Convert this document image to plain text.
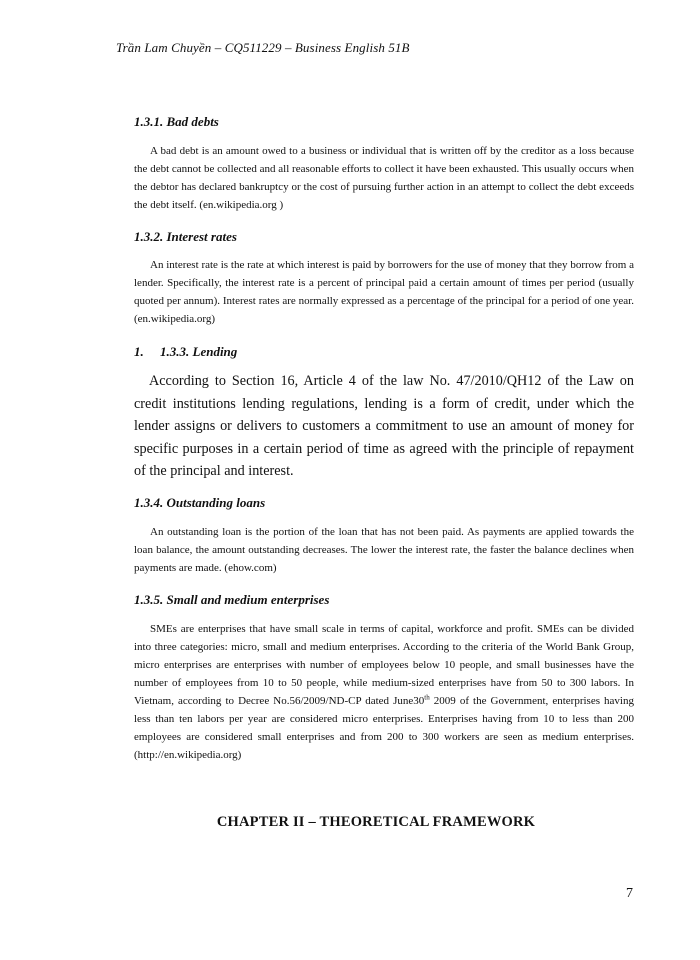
Trần Lam Chuyền – CQ511229 – Business English 51B
1.3.1. Bad debts
A bad debt is an amount owed to a business or individual that is written off by the creditor as a loss because the debt cannot be collected and all reasonable efforts to collect it have been exhausted. This usually occurs when the debtor has declared bankruptcy or the cost of pursuing further action in an attempt to collect the debt exceeds the debt itself. (en.wikipedia.org )
1.3.2. Interest rates
An interest rate is the rate at which interest is paid by borrowers for the use of money that they borrow from a lender. Specifically, the interest rate is a percent of principal paid a certain amount of times per period (usually quoted per annum). Interest rates are normally expressed as a percentage of the principal for a period of one year. (en.wikipedia.org)
1. 1.3.3. Lending
According to Section 16, Article 4 of the law No. 47/2010/QH12 of the Law on credit institutions lending regulations, lending is a form of credit, under which the lender assigns or delivers to customers a commitment to use an amount of money for specific purposes in a certain period of time as agreed with the principle of repayment of the principal and interest.
1.3.4. Outstanding loans
An outstanding loan is the portion of the loan that has not been paid. As payments are applied towards the loan balance, the amount outstanding decreases. The lower the interest rate, the faster the balance declines when payments are made. (ehow.com)
1.3.5. Small and medium enterprises
SMEs are enterprises that have small scale in terms of capital, workforce and profit. SMEs can be divided into three categories: micro, small and medium enterprises. According to the criteria of the World Bank Group, micro enterprises are enterprises with number of employees below 10 people, and small businesses have the number of employees from 10 to 50 people, while medium-sized enterprises have from 50 to 300 labors. In Vietnam, according to Decree No.56/2009/ND-CP dated June30th 2009 of the Government, enterprises having less than ten labors per year are considered micro enterprises. Enterprises having from 10 to less than 200 employees are considered small enterprises and from 200 to 300 workers are seen as medium enterprises. (http://en.wikipedia.org)
CHAPTER II – THEORETICAL FRAMEWORK
7
